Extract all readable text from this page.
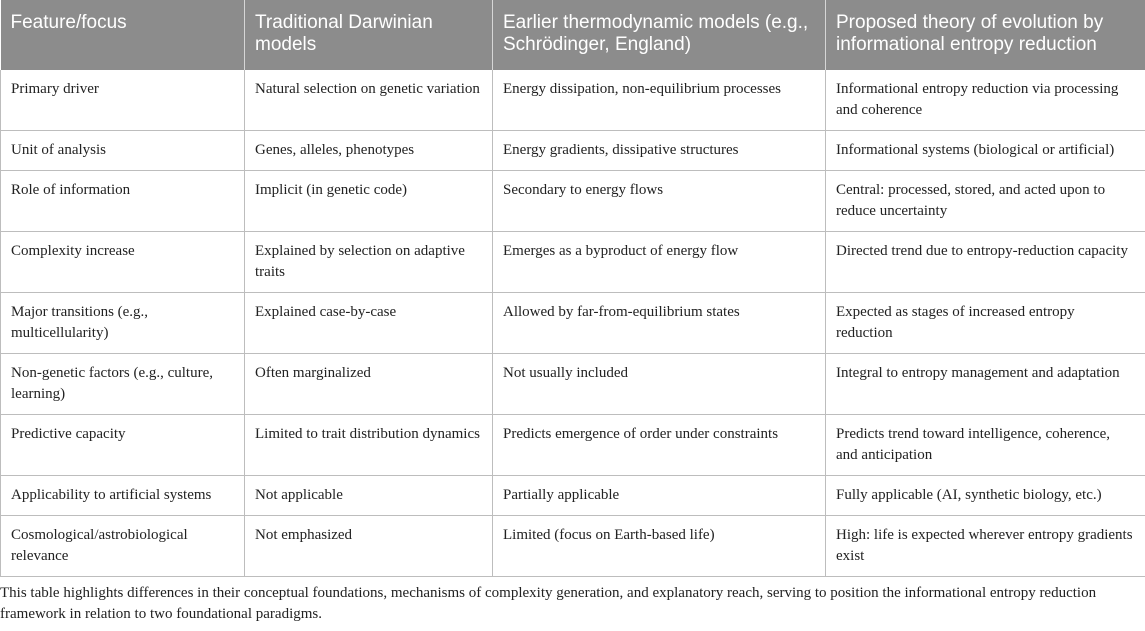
Feature/focus	Traditional Darwinian models	Earlier thermodynamic models (e.g., Schrödinger, England)	Proposed theory of evolution by informational entropy reduction
Primary driver	Natural selection on genetic variation	Energy dissipation, non-equilibrium processes	Informational entropy reduction via processing and coherence
Unit of analysis	Genes, alleles, phenotypes	Energy gradients, dissipative structures	Informational systems (biological or artificial)
Role of information	Implicit (in genetic code)	Secondary to energy flows	Central: processed, stored, and acted upon to reduce uncertainty
Complexity increase	Explained by selection on adaptive traits	Emerges as a byproduct of energy flow	Directed trend due to entropy-reduction capacity
Major transitions (e.g., multicellularity)	Explained case-by-case	Allowed by far-from-equilibrium states	Expected as stages of increased entropy reduction
Non-genetic factors (e.g., culture, learning)	Often marginalized	Not usually included	Integral to entropy management and adaptation
Predictive capacity	Limited to trait distribution dynamics	Predicts emergence of order under constraints	Predicts trend toward intelligence, coherence, and anticipation
Applicability to artificial systems	Not applicable	Partially applicable	Fully applicable (AI, synthetic biology, etc.)
Cosmological/astrobiological relevance	Not emphasized	Limited (focus on Earth-based life)	High: life is expected wherever entropy gradients exist

This table highlights differences in their conceptual foundations, mechanisms of complexity generation, and explanatory reach, serving to position the informational entropy reduction framework in relation to two foundational paradigms.
